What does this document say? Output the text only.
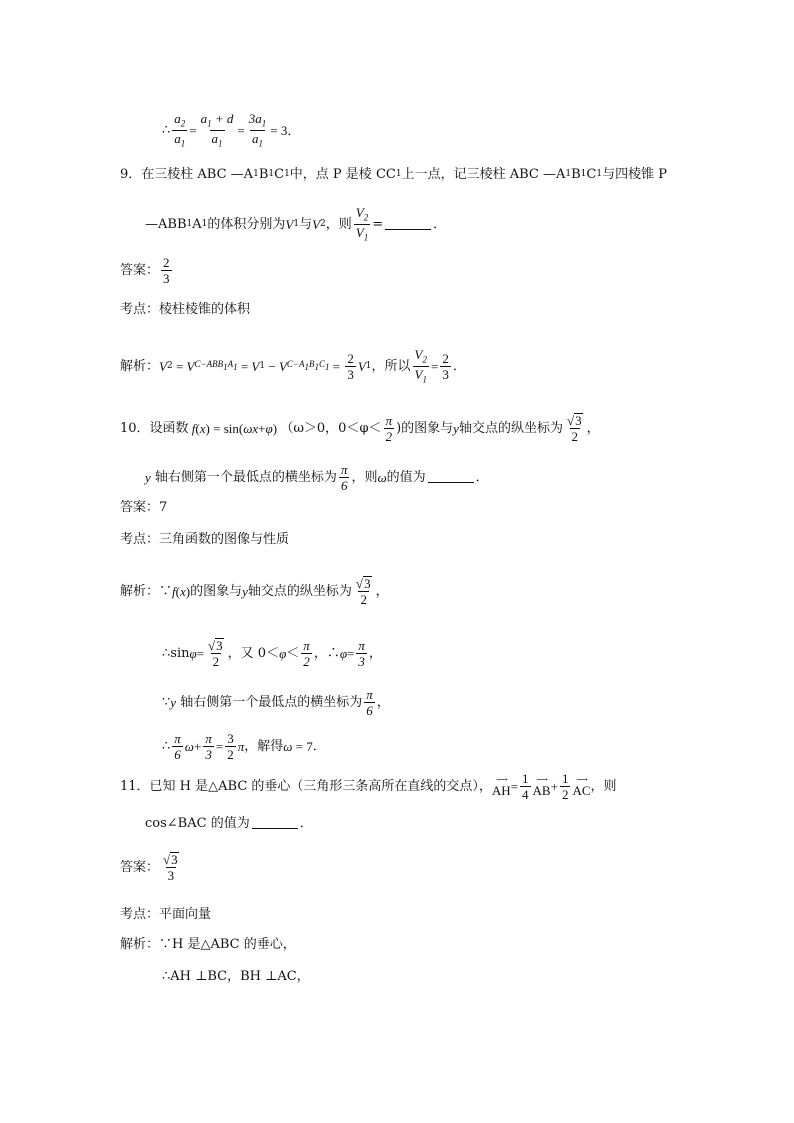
∴ $\frac{a_2}{a_1} = \frac{a_1 + d}{a_1} = \frac{3a_1}{a_1} = 3$．
9． 在三棱柱 ABC —A 1 B 1 C 1 中，点 P 是棱 CC 1 上一点，记三棱柱 ABC —A 1 B 1 C 1 与四棱锥 P
—ABB 1 A 1 的体积分别为 V 1 与 V 2 ，则 $\frac{V_2}{V_1}$ =	．
答案： $\frac{2}{3}$
考点：棱柱棱锥的体积
解析： V 2 = V $C-ABB_1A_1 = V$ 1 − V $C-A_1B_1C_1 = \frac{2}{3}$ V 1 ，所以 $\frac{V_2}{V_1} = \frac{2}{3}$ ．
10．设函数 f ( x ) = sin( ωx + φ ) （ω＞0，$0<\varphi< \frac{\pi}{2}$ )的图象与 y 轴交点的纵坐标为 $\frac{√ 3}{2}$ ，
y
轴右侧第一个最低点的横坐标为 $\frac{\pi}{6}$ ，则 ω 的值为	．
答案：7
考点：三角函数的图像与性质
解析：∵ f ( x ) 的图象与 y 轴交点的纵坐标为 $\frac{√ 3}{2}$ ，
∴sin $\varphi = \frac{√ 3}{2}$ ，又 $0< \varphi < \frac{\pi}{2}$ ，∴ $\varphi = \frac{\pi}{3}$ ，
∵ y
轴右侧第一个最低点的横坐标为 $\frac{\pi}{6}$ ，
∴ $\frac{\pi}{6}$ $\omega + \frac{\pi}{3} = \frac{3}{2}$ π ，解得 ω = 7 ．
11．已知 H 是△ABC 的垂心（三角形三条高所在直线的交点）， ⟶
AH = $\frac{1}{4}$ ⟶
AB + $\frac{1}{2}$ ⟶
AC ，则
cos∠BAC 的值为	．
答案： $\frac{√ 3}{3}$
考点：平面向量
解析：∵H 是△ABC 的垂心，
∴AH ⊥BC，BH ⊥AC，
